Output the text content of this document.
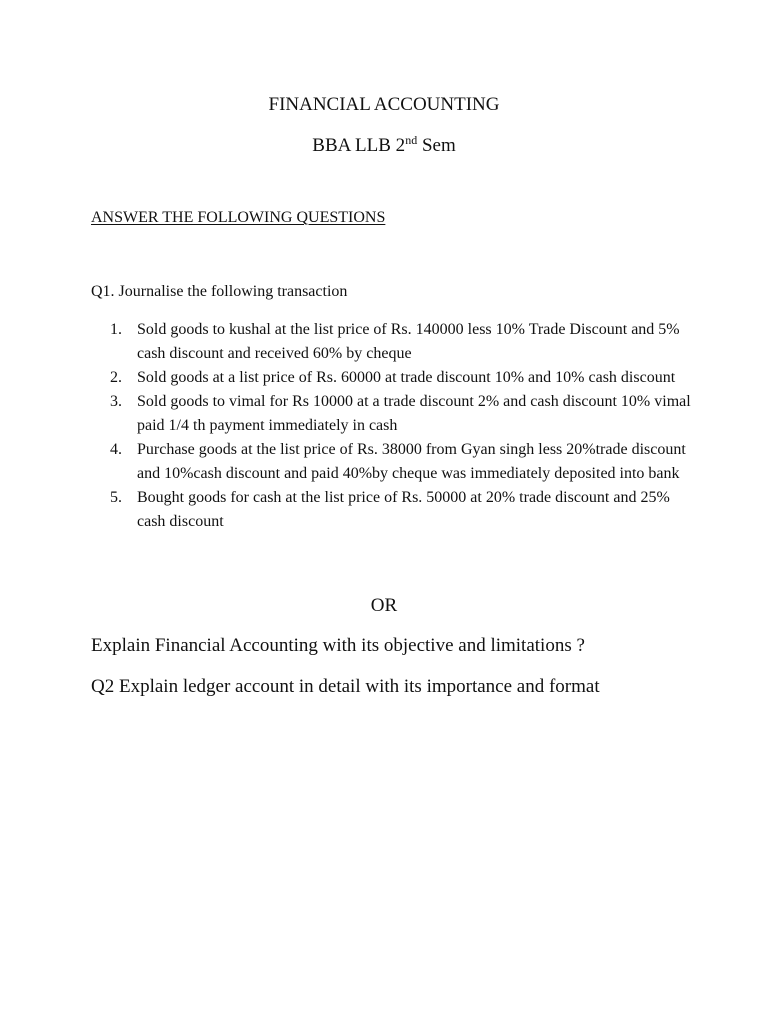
FINANCIAL ACCOUNTING
BBA LLB 2nd Sem
ANSWER THE FOLLOWING QUESTIONS
Q1. Journalise the following transaction
1. Sold goods to kushal at the list price of Rs. 140000 less 10% Trade Discount and 5% cash discount and received 60% by cheque
2. Sold goods at a list price of Rs. 60000 at trade discount 10% and 10% cash discount
3. Sold goods to vimal for Rs 10000 at a trade discount 2% and cash discount 10% vimal paid 1/4 th payment immediately in cash
4. Purchase goods at the list price of Rs. 38000 from Gyan singh less 20%trade discount and 10%cash discount and paid 40%by cheque was immediately deposited into bank
5. Bought goods for cash at the list price of Rs. 50000 at 20% trade discount and 25% cash discount
OR
Explain Financial Accounting with its objective and limitations ?
Q2 Explain ledger account in detail with its importance and format
